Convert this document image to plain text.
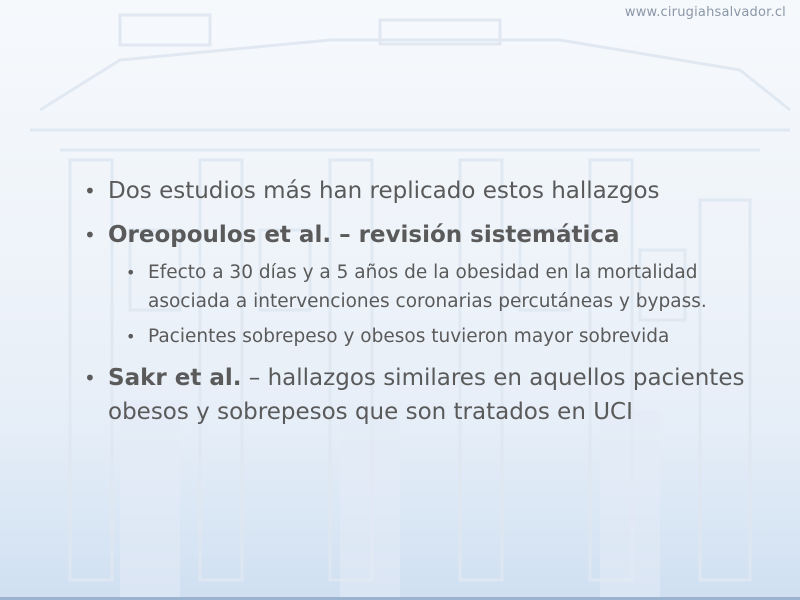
www.cirugiahsalvador.cl
• Dos estudios más han replicado estos hallazgos
• Oreopoulos et al. – revisión sistemática
• Efecto a 30 días y a 5 años de la obesidad en la mortalidad asociada a intervenciones coronarias percutáneas y bypass.
• Pacientes sobrepeso y obesos tuvieron mayor sobrevida
• Sakr et al. – hallazgos similares en aquellos pacientes obesos y sobrepesos que son tratados en UCI
